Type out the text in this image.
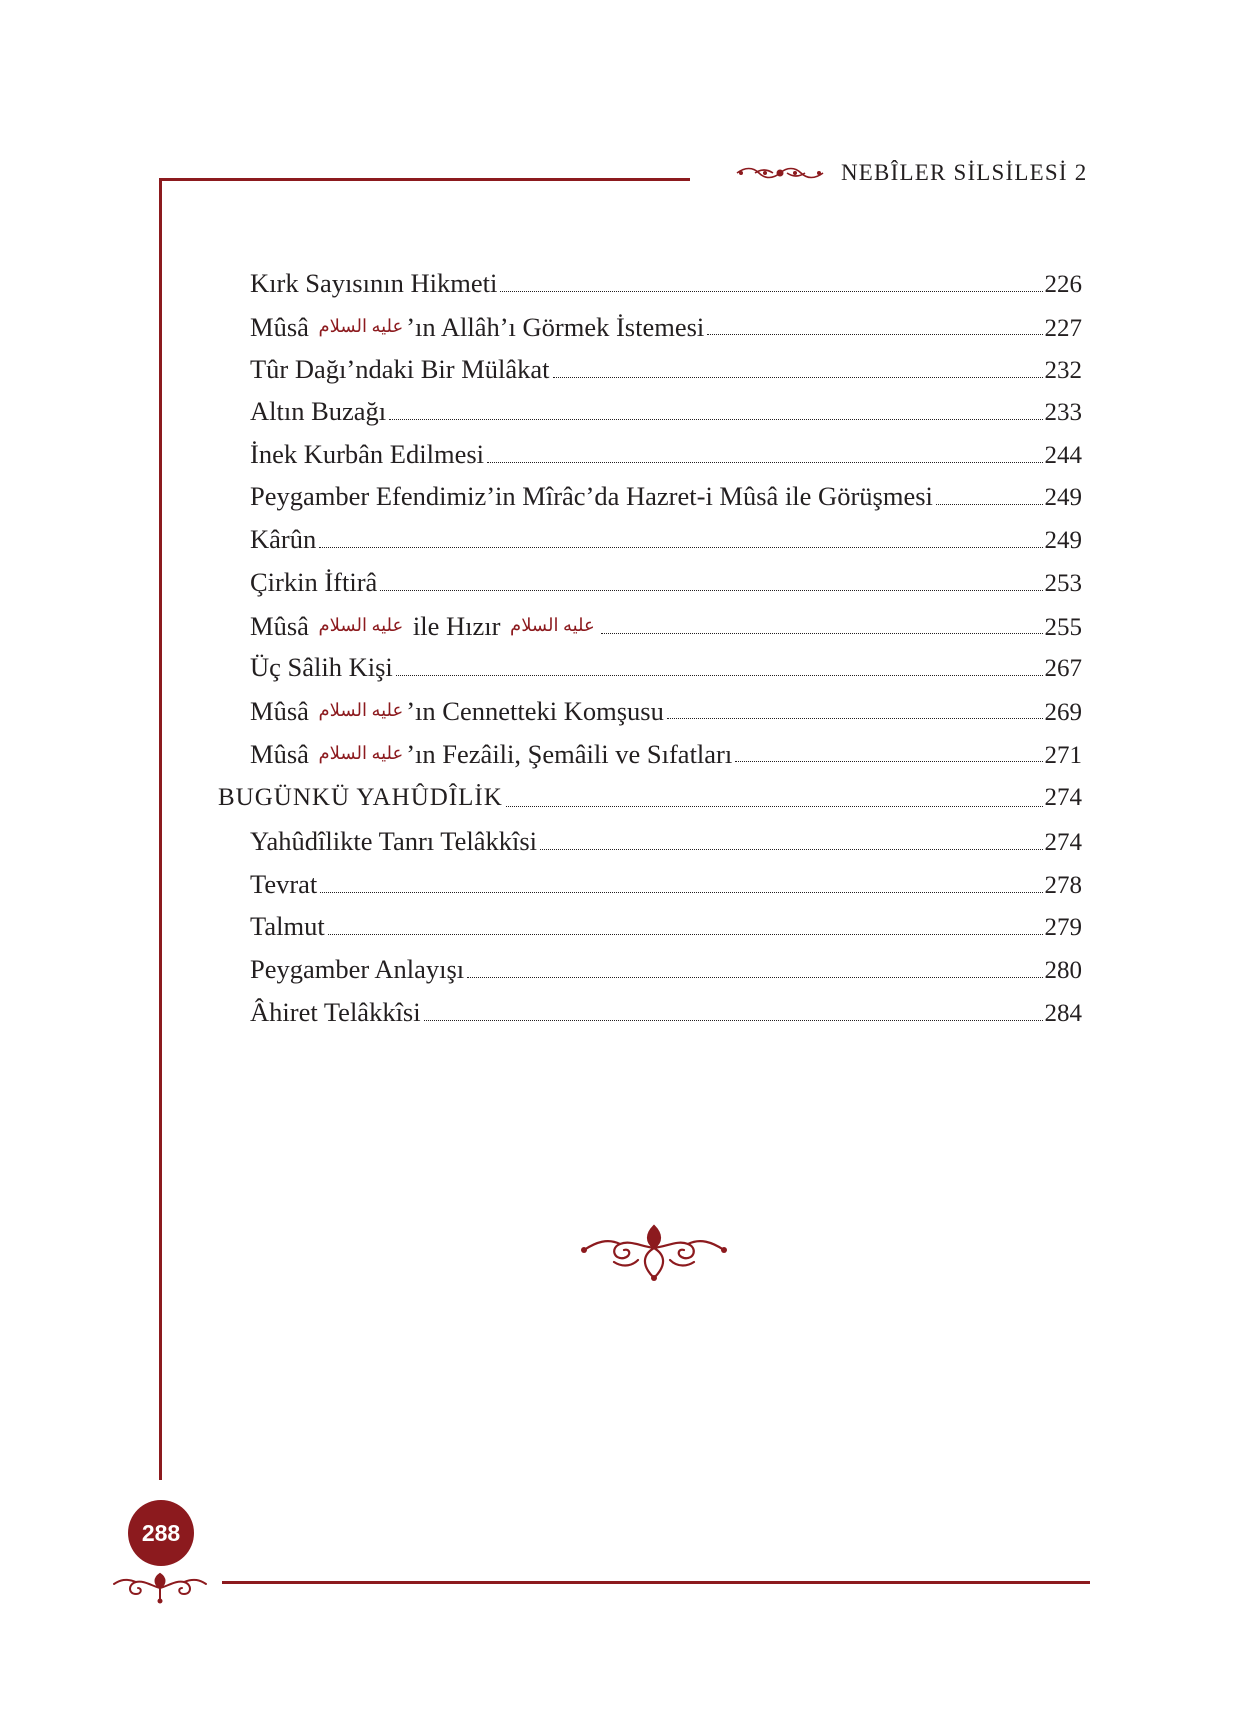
NEBÎLER SİLSİLESİ 2
Kırk Sayısının Hikmeti	226
Mûsâ عليه السلام ’ın Allâh’ı Görmek İstemesi	227
Tûr Dağı’ndaki Bir Mülâkat	232
Altın Buzağı	233
İnek Kurbân Edilmesi	244
Peygamber Efendimiz’in Mîrâc’da Hazret-i Mûsâ ile Görüşmesi	249
Kârûn	249
Çirkin İftirâ	253
Mûsâ عليه السلام ile Hızır عليه السلام	255
Üç Sâlih Kişi	267
Mûsâ عليه السلام ’ın Cennetteki Komşusu	269
Mûsâ عليه السلام ’ın Fezâili, Şemâili ve Sıfatları	271
BUGÜNKÜ YAHÛDÎLİK	274
Yahûdîlikte Tanrı Telâkkîsi	274
Tevrat	278
Talmut	279
Peygamber Anlayışı	280
Âhiret Telâkkîsi	284
288
